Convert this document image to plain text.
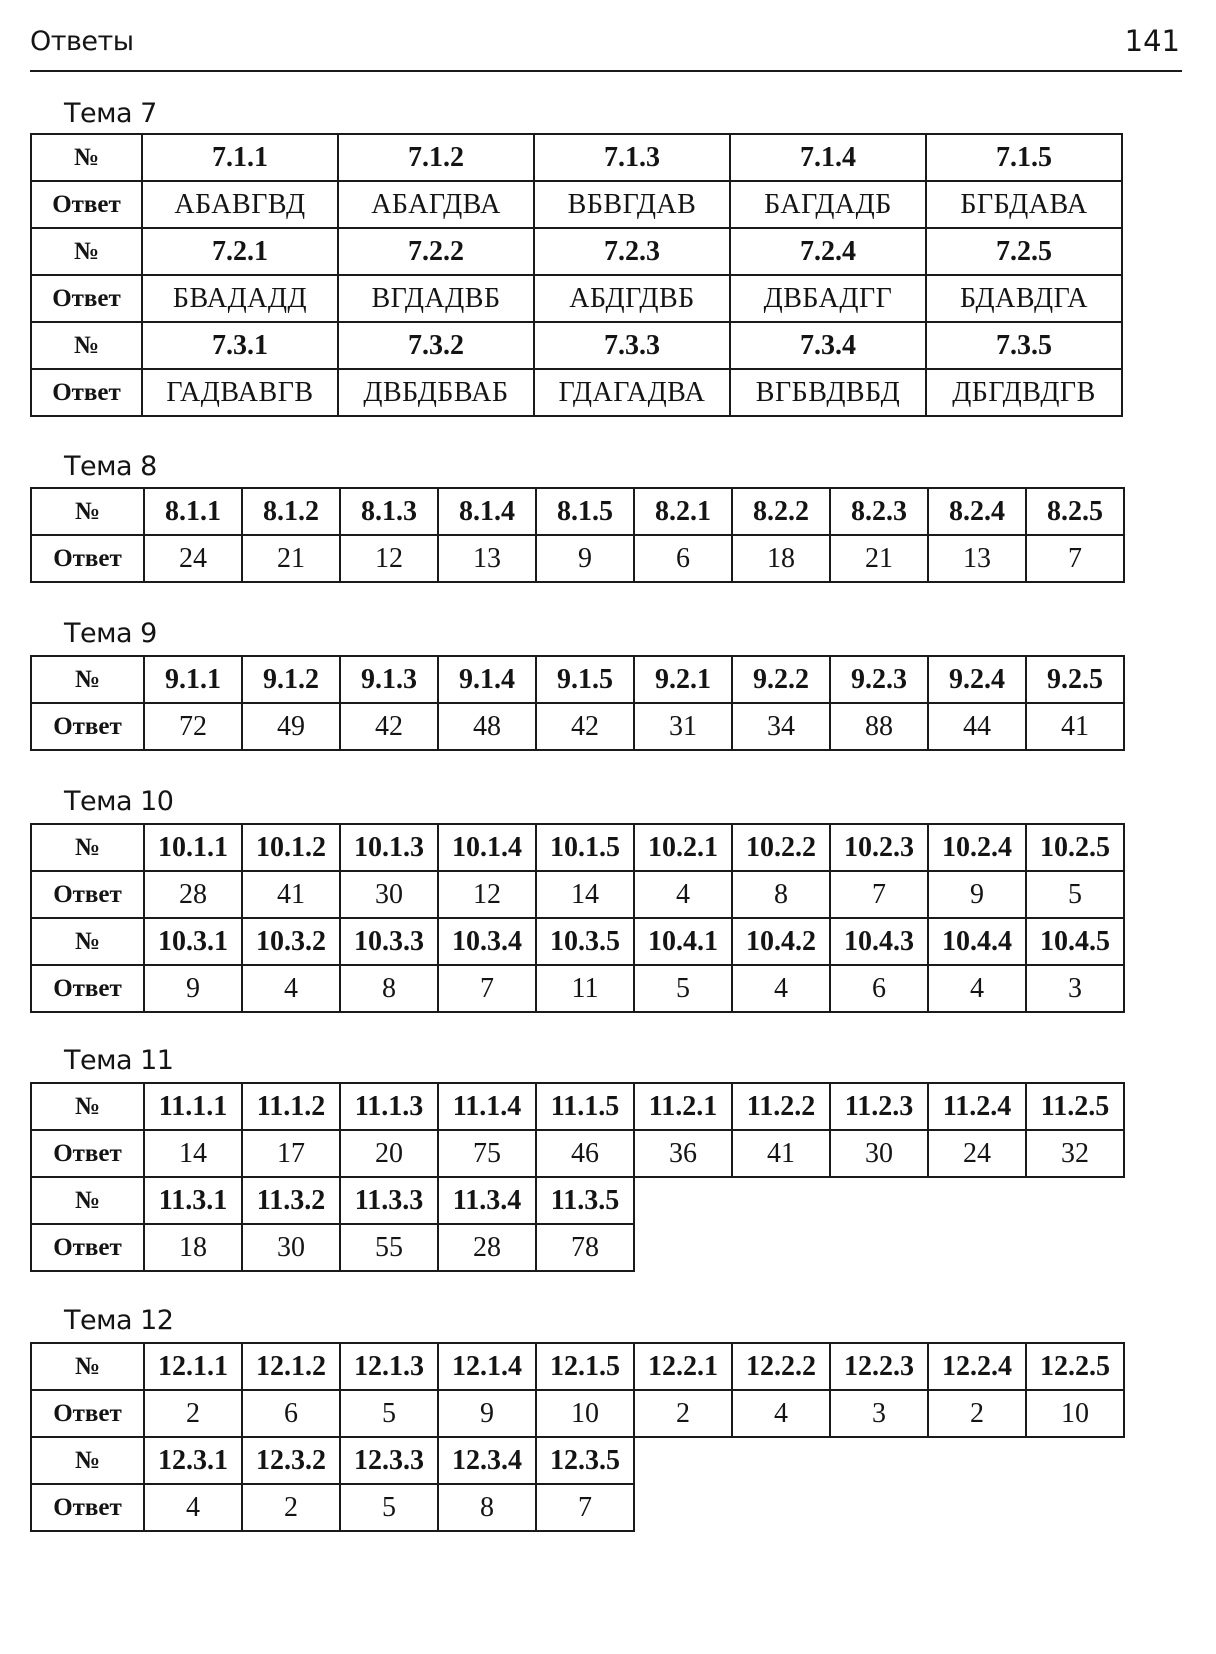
Ответы	141
Тема 7
№	7.1.1	7.1.2	7.1.3	7.1.4	7.1.5
Ответ	АБАВГВД	АБАГДВА	ВБВГДАВ	БАГДАДБ	БГБДАВА
№	7.2.1	7.2.2	7.2.3	7.2.4	7.2.5
Ответ	БВАДАДД	ВГДАДВБ	АБДГДВБ	ДВБАДГГ	БДАВДГА
№	7.3.1	7.3.2	7.3.3	7.3.4	7.3.5
Ответ	ГАДВАВГВ	ДВБДБВАБ	ГДАГАДВА	ВГБВДВБД	ДБГДВДГВ
Тема 8
№	8.1.1	8.1.2	8.1.3	8.1.4	8.1.5	8.2.1	8.2.2	8.2.3	8.2.4	8.2.5
Ответ	24	21	12	13	9	6	18	21	13	7
Тема 9
№	9.1.1	9.1.2	9.1.3	9.1.4	9.1.5	9.2.1	9.2.2	9.2.3	9.2.4	9.2.5
Ответ	72	49	42	48	42	31	34	88	44	41
Тема 10
№	10.1.1	10.1.2	10.1.3	10.1.4	10.1.5	10.2.1	10.2.2	10.2.3	10.2.4	10.2.5
Ответ	28	41	30	12	14	4	8	7	9	5
№	10.3.1	10.3.2	10.3.3	10.3.4	10.3.5	10.4.1	10.4.2	10.4.3	10.4.4	10.4.5
Ответ	9	4	8	7	11	5	4	6	4	3
Тема 11
№	11.1.1	11.1.2	11.1.3	11.1.4	11.1.5	11.2.1	11.2.2	11.2.3	11.2.4	11.2.5
Ответ	14	17	20	75	46	36	41	30	24	32
№	11.3.1	11.3.2	11.3.3	11.3.4	11.3.5					
Ответ	18	30	55	28	78					
Тема 12
№	12.1.1	12.1.2	12.1.3	12.1.4	12.1.5	12.2.1	12.2.2	12.2.3	12.2.4	12.2.5
Ответ	2	6	5	9	10	2	4	3	2	10
№	12.3.1	12.3.2	12.3.3	12.3.4	12.3.5					
Ответ	4	2	5	8	7					
